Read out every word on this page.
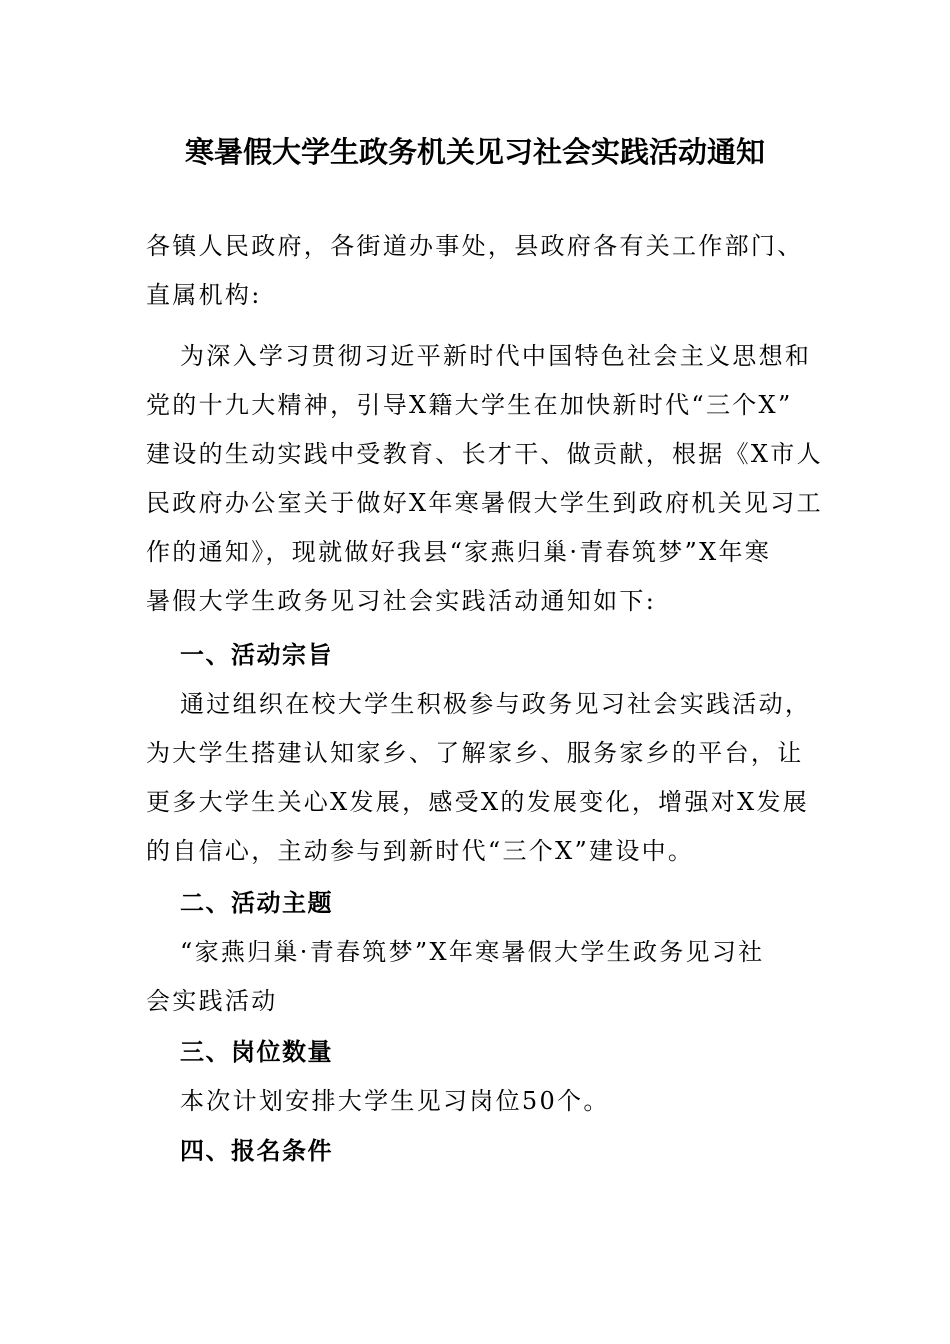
寒暑假大学生政务机关见习社会实践活动通知
各镇人民政府，各街道办事处，县政府各有关工作部门、
直属机构:
为深入学习贯彻习近平新时代中国特色社会主义思想和
党的十九大精神，引导X籍大学生在加快新时代“三个X”
建设的生动实践中受教育、长才干、做贡献，根据《X市人
民政府办公室关于做好X年寒暑假大学生到政府机关见习工
作的通知》，现就做好我县“家燕归巢·青春筑梦”X年寒
暑假大学生政务见习社会实践活动通知如下:
一、活动宗旨
通过组织在校大学生积极参与政务见习社会实践活动，
为大学生搭建认知家乡、了解家乡、服务家乡的平台，让
更多大学生关心X发展，感受X的发展变化，增强对X发展
的自信心，主动参与到新时代“三个X”建设中。
二、活动主题
“家燕归巢·青春筑梦”X年寒暑假大学生政务见习社
会实践活动
三、岗位数量
本次计划安排大学生见习岗位50个。
四、报名条件
